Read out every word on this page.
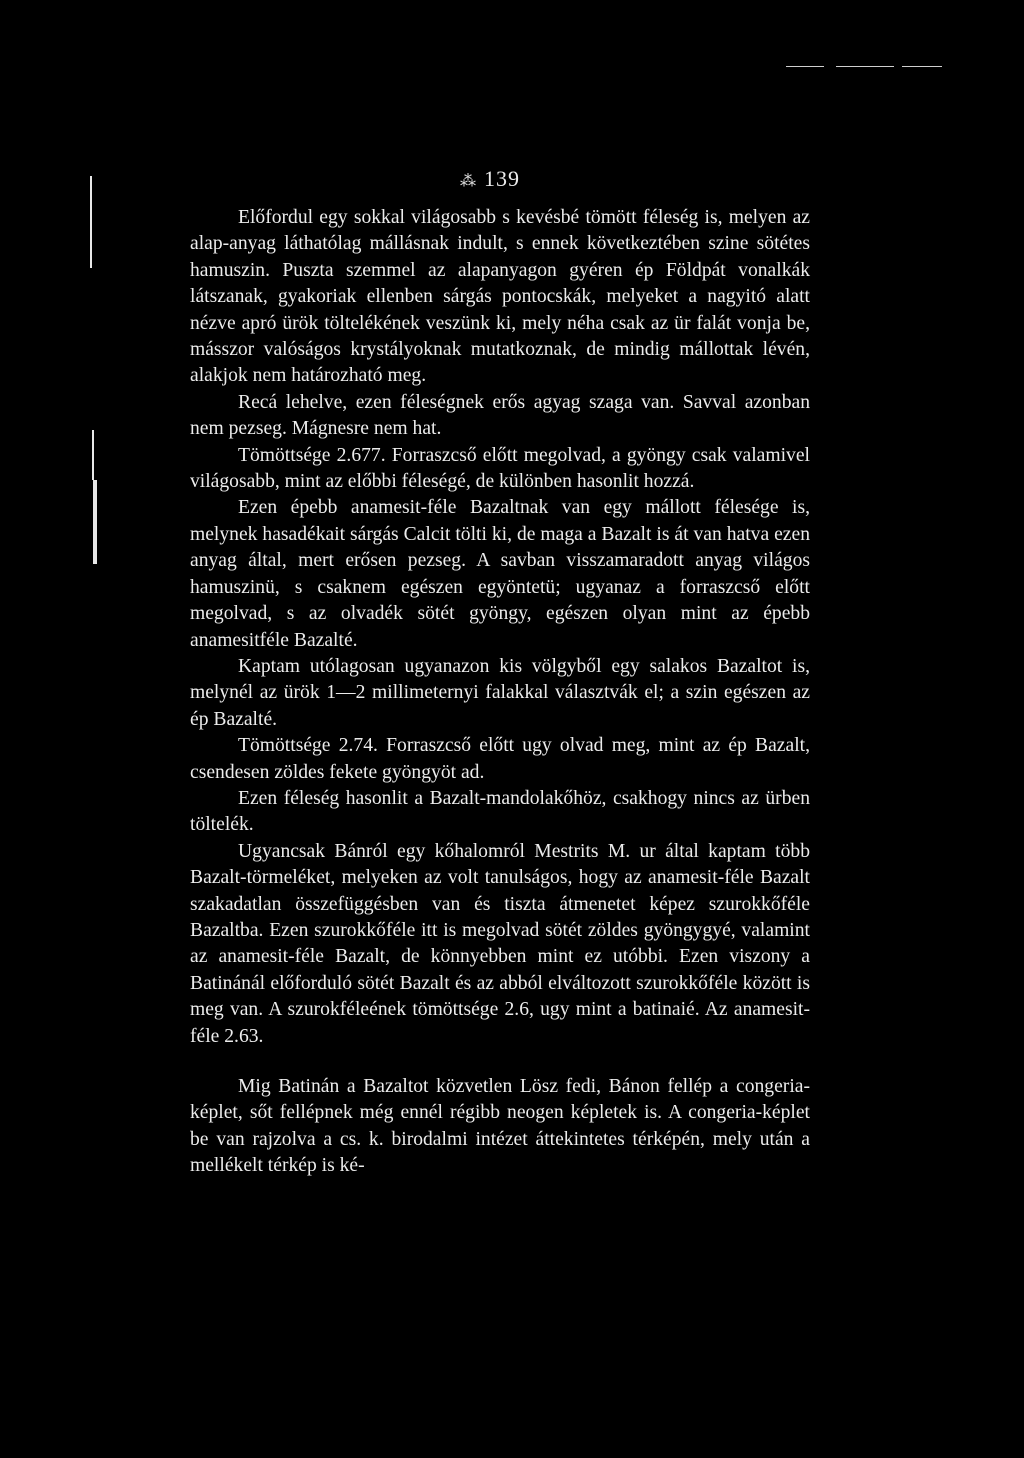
⁂ 139

Előfordul egy sokkal világosabb s kevésbé tömött féleség is, melyen az alap-anyag láthatólag mállásnak indult, s ennek következtében szine sötétes hamuszin. Puszta szemmel az alapanyagon gyéren ép Földpát vonalkák látszanak, gyakoriak ellenben sárgás pontocskák, melyeket a nagyitó alatt nézve apró ürök töltelékének veszünk ki, mely néha csak az ür falát vonja be, másszor valóságos krystályoknak mutatkoznak, de mindig mállottak lévén, alakjok nem határozható meg.

Recá lehelve, ezen féleségnek erős agyag szaga van. Savval azonban nem pezseg. Mágnesre nem hat.

Tömöttsége 2.677. Forraszcső előtt megolvad, a gyöngy csak valamivel világosabb, mint az előbbi féleségé, de különben hasonlit hozzá.

Ezen épebb anamesit-féle Bazaltnak van egy mállott félesége is, melynek hasadékait sárgás Calcit tölti ki, de maga a Bazalt is át van hatva ezen anyag által, mert erősen pezseg. A savban visszamaradott anyag világos hamuszinü, s csaknem egészen egyöntetü; ugyanaz a forraszcső előtt megolvad, s az olvadék sötét gyöngy, egészen olyan mint az épebb anamesitféle Bazalté.

Kaptam utólagosan ugyanazon kis völgyből egy salakos Bazaltot is, melynél az ürök 1—2 millimeternyi falakkal választvák el; a szin egészen az ép Bazalté.

Tömöttsége 2.74. Forraszcső előtt ugy olvad meg, mint az ép Bazalt, csendesen zöldes fekete gyöngyöt ad.

Ezen féleség hasonlit a Bazalt-mandolakőhöz, csakhogy nincs az ürben töltelék.

Ugyancsak Bánról egy kőhalomról Mestrits M. ur által kaptam több Bazalt-törmeléket, melyeken az volt tanulságos, hogy az anamesit-féle Bazalt szakadatlan összefüggésben van és tiszta átmenetet képez szurokkőféle Bazaltba. Ezen szurokkőféle itt is megolvad sötét zöldes gyöngygyé, valamint az anamesit-féle Bazalt, de könnyebben mint ez utóbbi. Ezen viszony a Batinánál előforduló sötét Bazalt és az abból elváltozott szurokkőféle között is meg van. A szurokféleének tömöttsége 2.6, ugy mint a batinaié. Az anamesit-féle 2.63.

Mig Batinán a Bazaltot közvetlen Lösz fedi, Bánon fellép a congeria-képlet, sőt fellépnek még ennél régibb neogen képletek is. A congeria-képlet be van rajzolva a cs. k. birodalmi intézet áttekintetes térképén, mely után a mellékelt térkép is ké-
